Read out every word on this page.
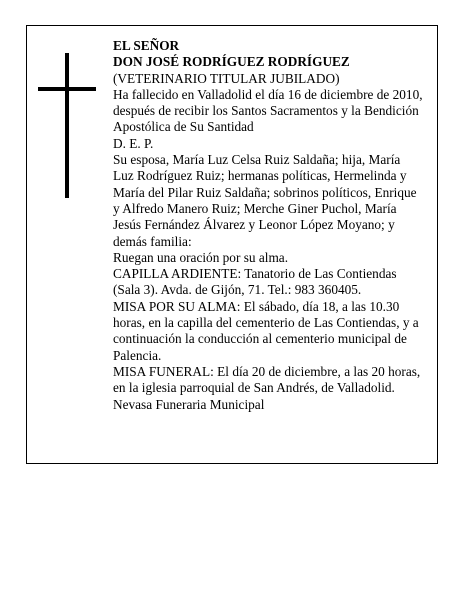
EL SEÑOR

DON JOSÉ RODRÍGUEZ RODRÍGUEZ

(VETERINARIO TITULAR JUBILADO)

Ha fallecido en Valladolid el día 16 de diciembre de 2010, después de recibir los Santos Sacramentos y la Bendición Apostólica de Su Santidad

D. E. P.

Su esposa, María Luz Celsa Ruiz Saldaña; hija, María Luz Rodríguez Ruiz; hermanas políticas, Hermelinda y María del Pilar Ruiz Saldaña; sobrinos políticos, Enrique y Alfredo Manero Ruiz; Merche Giner Puchol, María Jesús Fernández Álvarez y Leonor López Moyano; y demás familia:

Ruegan una oración por su alma.

CAPILLA ARDIENTE: Tanatorio de Las Contiendas (Sala 3). Avda. de Gijón, 71. Tel.: 983 360405.

MISA POR SU ALMA: El sábado, día 18, a las 10.30 horas, en la capilla del cementerio de Las Contiendas, y a continuación la conducción al cementerio municipal de Palencia.

MISA FUNERAL: El día 20 de diciembre, a las 20 horas, en la iglesia parroquial de San Andrés, de Valladolid.

Nevasa Funeraria Municipal
